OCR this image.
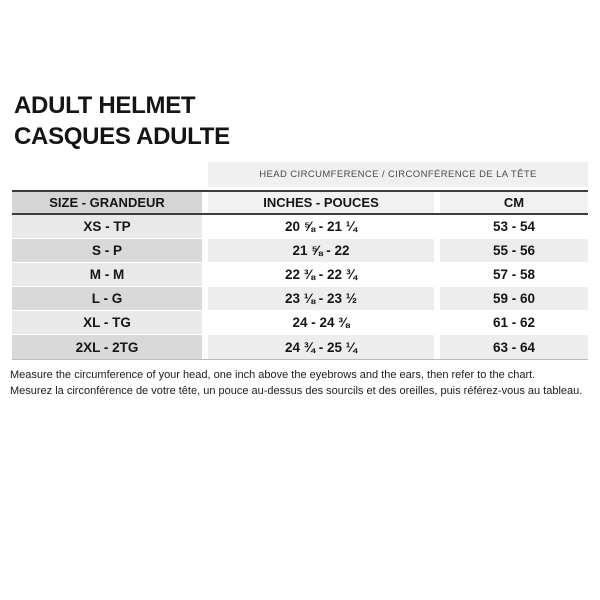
ADULT HELMET
CASQUES ADULTE
HEAD CIRCUMFERENCE / CIRCONFÉRENCE DE LA TÊTE
SIZE - GRANDEUR	INCHES - POUCES	CM
XS - TP	20 ⅝ - 21 ¼	53 - 54
S - P	21 ⅝ - 22	55 - 56
M - M	22 ⅜ - 22 ¾	57 - 58
L - G	23 ⅛ - 23 ½	59 - 60
XL - TG	24 - 24 ⅜	61 - 62
2XL - 2TG	24 ¾ - 25 ¼	63 - 64
Measure the circumference of your head, one inch above the eyebrows and the ears, then refer to the chart.
Mesurez la circonférence de votre tête, un pouce au-dessus des sourcils et des oreilles, puis référez-vous au tableau.
